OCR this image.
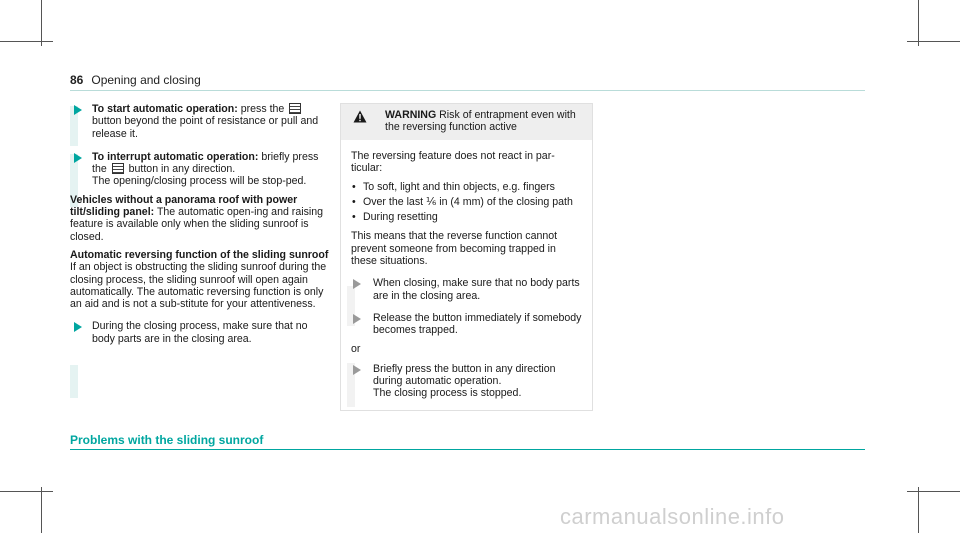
86 Opening and closing
To start automatic operation: press the  button beyond the point of resistance or pull and release it.
To interrupt automatic operation: briefly press the button in any direction.
The opening/closing process will be stop-ped.

Vehicles without a panorama roof with power tilt/sliding panel: The automatic open-ing and raising feature is available only when the sliding sunroof is closed.

Automatic reversing function of the sliding sunroof

If an object is obstructing the sliding sunroof during the closing process, the sliding sunroof will open again automatically. The automatic reversing function is only an aid and is not a sub-stitute for your attentiveness.

During the closing process, make sure that no body parts are in the closing area.
WARNING Risk of entrapment even with the reversing function active

The reversing feature does not react in par-ticular:

• To soft, light and thin objects, e.g. fingers
• Over the last ⅙ in (4 mm) of the closing path
• During resetting

This means that the reverse function cannot prevent someone from becoming trapped in these situations.

When closing, make sure that no body parts are in the closing area.
Release the button immediately if somebody becomes trapped.
or
Briefly press the button in any direction during automatic operation.
The closing process is stopped.
Problems with the sliding sunroof
carmanualsonline.info
